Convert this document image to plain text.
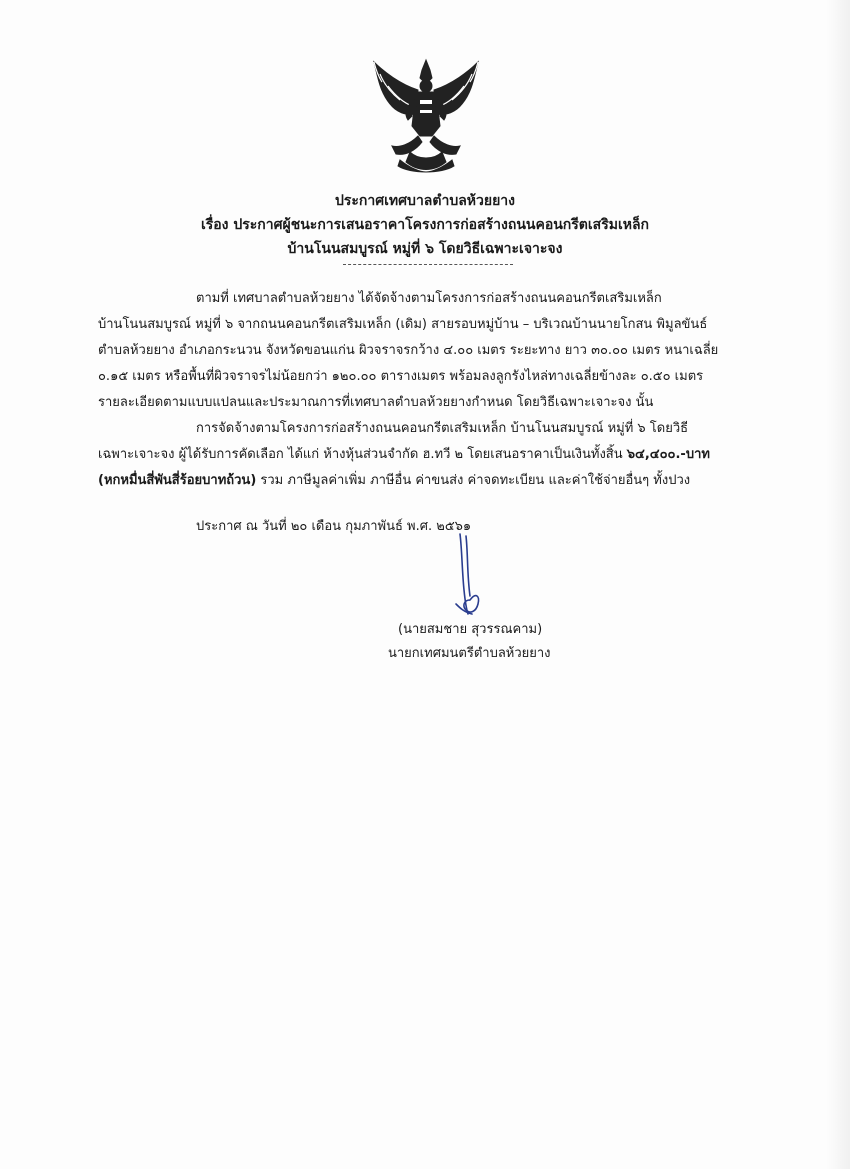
ประกาศเทศบาลตำบลห้วยยาง
เรื่อง ประกาศผู้ชนะการเสนอราคาโครงการก่อสร้างถนนคอนกรีตเสริมเหล็ก
บ้านโนนสมบูรณ์ หมู่ที่ ๖ โดยวิธีเฉพาะเจาะจง
ตามที่ เทศบาลตำบลห้วยยาง ได้จัดจ้างตามโครงการก่อสร้างถนนคอนกรีตเสริมเหล็ก
บ้านโนนสมบูรณ์ หมู่ที่ ๖ จากถนนคอนกรีตเสริมเหล็ก (เดิม) สายรอบหมู่บ้าน – บริเวณบ้านนายโกสน พิมูลขันธ์
ตำบลห้วยยาง อำเภอกระนวน จังหวัดขอนแก่น ผิวจราจรกว้าง ๔.๐๐ เมตร ระยะทาง ยาว ๓๐.๐๐ เมตร หนาเฉลี่ย
๐.๑๕ เมตร หรือพื้นที่ผิวจราจรไม่น้อยกว่า ๑๒๐.๐๐ ตารางเมตร พร้อมลงลูกรังไหล่ทางเฉลี่ยข้างละ ๐.๕๐ เมตร
รายละเอียดตามแบบแปลนและประมาณการที่เทศบาลตำบลห้วยยางกำหนด โดยวิธีเฉพาะเจาะจง นั้น
การจัดจ้างตามโครงการก่อสร้างถนนคอนกรีตเสริมเหล็ก บ้านโนนสมบูรณ์ หมู่ที่ ๖ โดยวิธี
เฉพาะเจาะจง ผู้ได้รับการคัดเลือก ได้แก่ ห้างหุ้นส่วนจำกัด ฮ.ทวี ๒ โดยเสนอราคาเป็นเงินทั้งสิ้น ๖๔,๔๐๐.-บาท
(หกหมื่นสี่พันสี่ร้อยบาทถ้วน) รวม ภาษีมูลค่าเพิ่ม ภาษีอื่น ค่าขนส่ง ค่าจดทะเบียน และค่าใช้จ่ายอื่นๆ ทั้งปวง
ประกาศ ณ วันที่ ๒๐ เดือน กุมภาพันธ์ พ.ศ. ๒๕๖๑
(นายสมชาย สุวรรณคาม)
นายกเทศมนตรีตำบลห้วยยาง
